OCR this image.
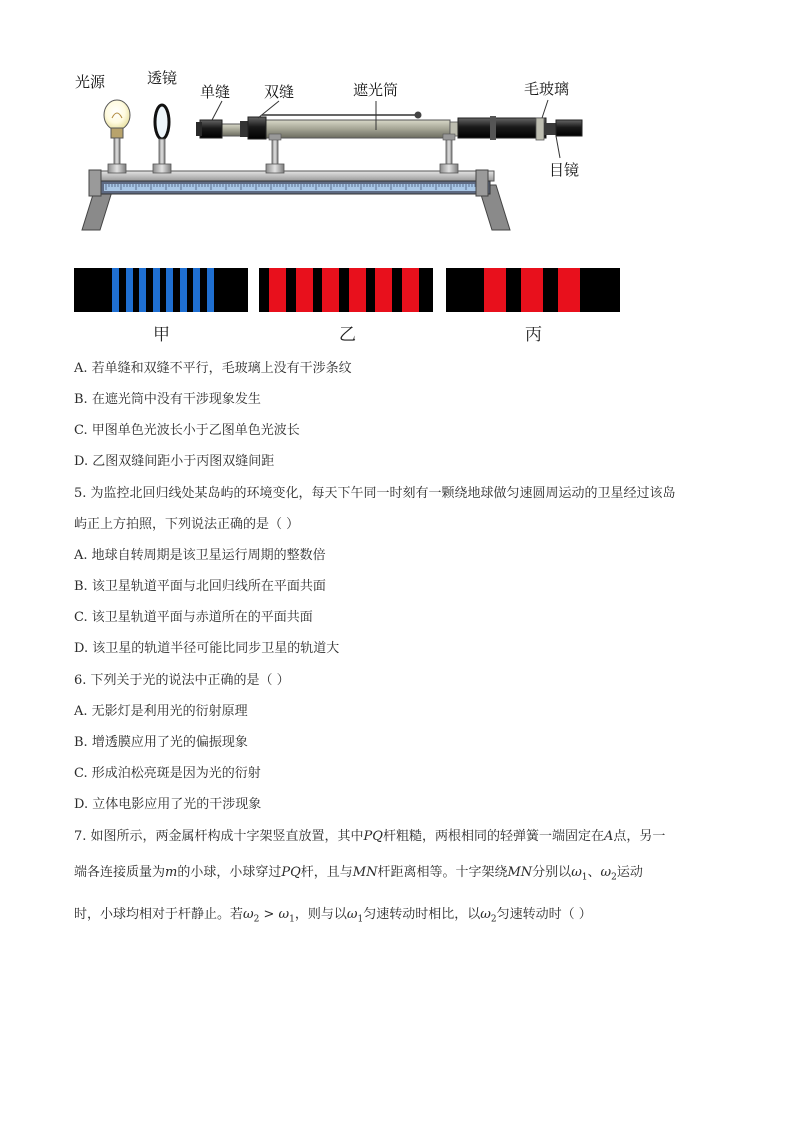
光源	透镜
单缝 双缝	遮光筒	毛玻璃
目镜
甲	乙	丙
A. 若单缝和双缝不平行，毛玻璃上没有干涉条纹
B. 在遮光筒中没有干涉现象发生
C. 甲图单色光波长小于乙图单色光波长
D. 乙图双缝间距小于丙图双缝间距
5. 为监控北回归线处某岛屿的环境变化，每天下午同一时刻有一颗绕地球做匀速圆周运动的卫星经过该岛
屿正上方拍照，下列说法正确的是（ ）
A. 地球自转周期是该卫星运行周期的整数倍
B. 该卫星轨道平面与北回归线所在平面共面
C. 该卫星轨道平面与赤道所在的平面共面
D. 该卫星的轨道半径可能比同步卫星的轨道大
6. 下列关于光的说法中正确的是（ ）
A. 无影灯是利用光的衍射原理
B. 增透膜应用了光的偏振现象
C. 形成泊松亮斑是因为光的衍射
D. 立体电影应用了光的干涉现象
7. 如图所示，两金属杆构成十字架竖直放置，其中PQ杆粗糙，两根相同的轻弹簧一端固定在A点，另一
端各连接质量为m的小球，小球穿过PQ杆，且与MN杆距离相等。十字架绕MN分别以$\omega_1$、$\omega_2$运动
时，小球均相对于杆静止。若$\omega_2 > \omega_1$，则与以$\omega_1$匀速转动时相比，以$\omega_2$匀速转动时（ ）
